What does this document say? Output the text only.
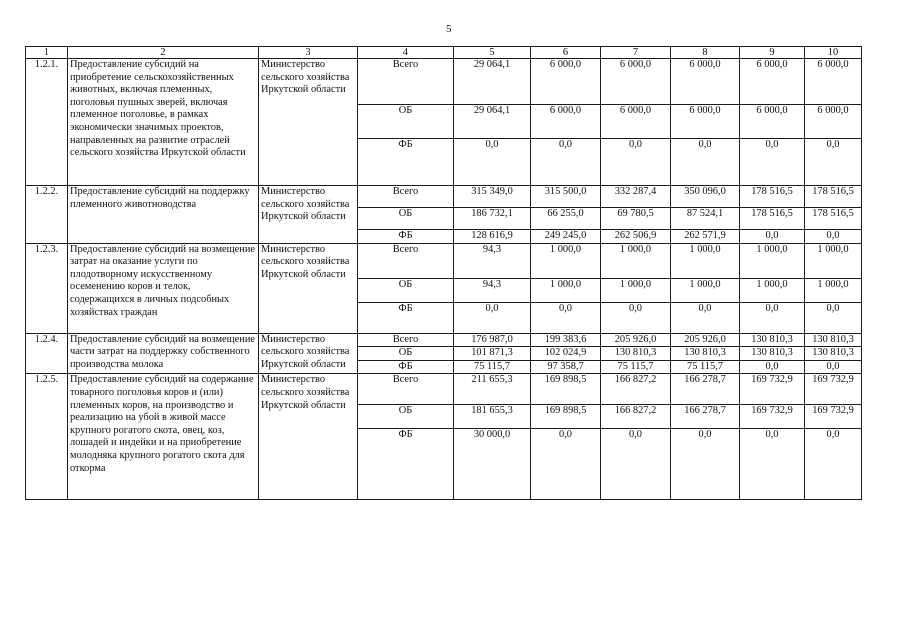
5
1	2	3	4	5	6	7	8	9	10
1.2.1.	Предоставление субсидий на приобретение сельскохозяйственных животных, включая племенных, поголовья пушных зверей, включая племенное поголовье, в рамках экономически значимых проектов, направленных на развитие отраслей сельского хозяйства Иркутской области	Министерство сельского хозяйства Иркутской области	Всего	29 064,1	6 000,0	6 000,0	6 000,0	6 000,0	6 000,0
			ОБ	29 064,1	6 000,0	6 000,0	6 000,0	6 000,0	6 000,0
			ФБ	0,0	0,0	0,0	0,0	0,0	0,0
1.2.2.	Предоставление субсидий на поддержку племенного животноводства	Министерство сельского хозяйства Иркутской области	Всего	315 349,0	315 500,0	332 287,4	350 096,0	178 516,5	178 516,5
			ОБ	186 732,1	66 255,0	69 780,5	87 524,1	178 516,5	178 516,5
			ФБ	128 616,9	249 245,0	262 506,9	262 571,9	0,0	0,0
1.2.3.	Предоставление субсидий на возмещение затрат на оказание услуги по плодотворному искусственному осеменению коров и телок, содержащихся в личных подсобных хозяйствах граждан	Министерство сельского хозяйства Иркутской области	Всего	94,3	1 000,0	1 000,0	1 000,0	1 000,0	1 000,0
			ОБ	94,3	1 000,0	1 000,0	1 000,0	1 000,0	1 000,0
			ФБ	0,0	0,0	0,0	0,0	0,0	0,0
1.2.4.	Предоставление субсидий на возмещение части затрат на поддержку собственного производства молока	Министерство сельского хозяйства Иркутской области	Всего	176 987,0	199 383,6	205 926,0	205 926,0	130 810,3	130 810,3
			ОБ	101 871,3	102 024,9	130 810,3	130 810,3	130 810,3	130 810,3
			ФБ	75 115,7	97 358,7	75 115,7	75 115,7	0,0	0,0
1.2.5.	Предоставление субсидий на содержание товарного поголовья коров и (или) племенных коров, на производство и реализацию на убой в живой массе крупного рогатого скота, овец, коз, лошадей и индейки и на приобретение молодняка крупного рогатого скота для откорма	Министерство сельского хозяйства Иркутской области	Всего	211 655,3	169 898,5	166 827,2	166 278,7	169 732,9	169 732,9
			ОБ	181 655,3	169 898,5	166 827,2	166 278,7	169 732,9	169 732,9
			ФБ	30 000,0	0,0	0,0	0,0	0,0	0,0
